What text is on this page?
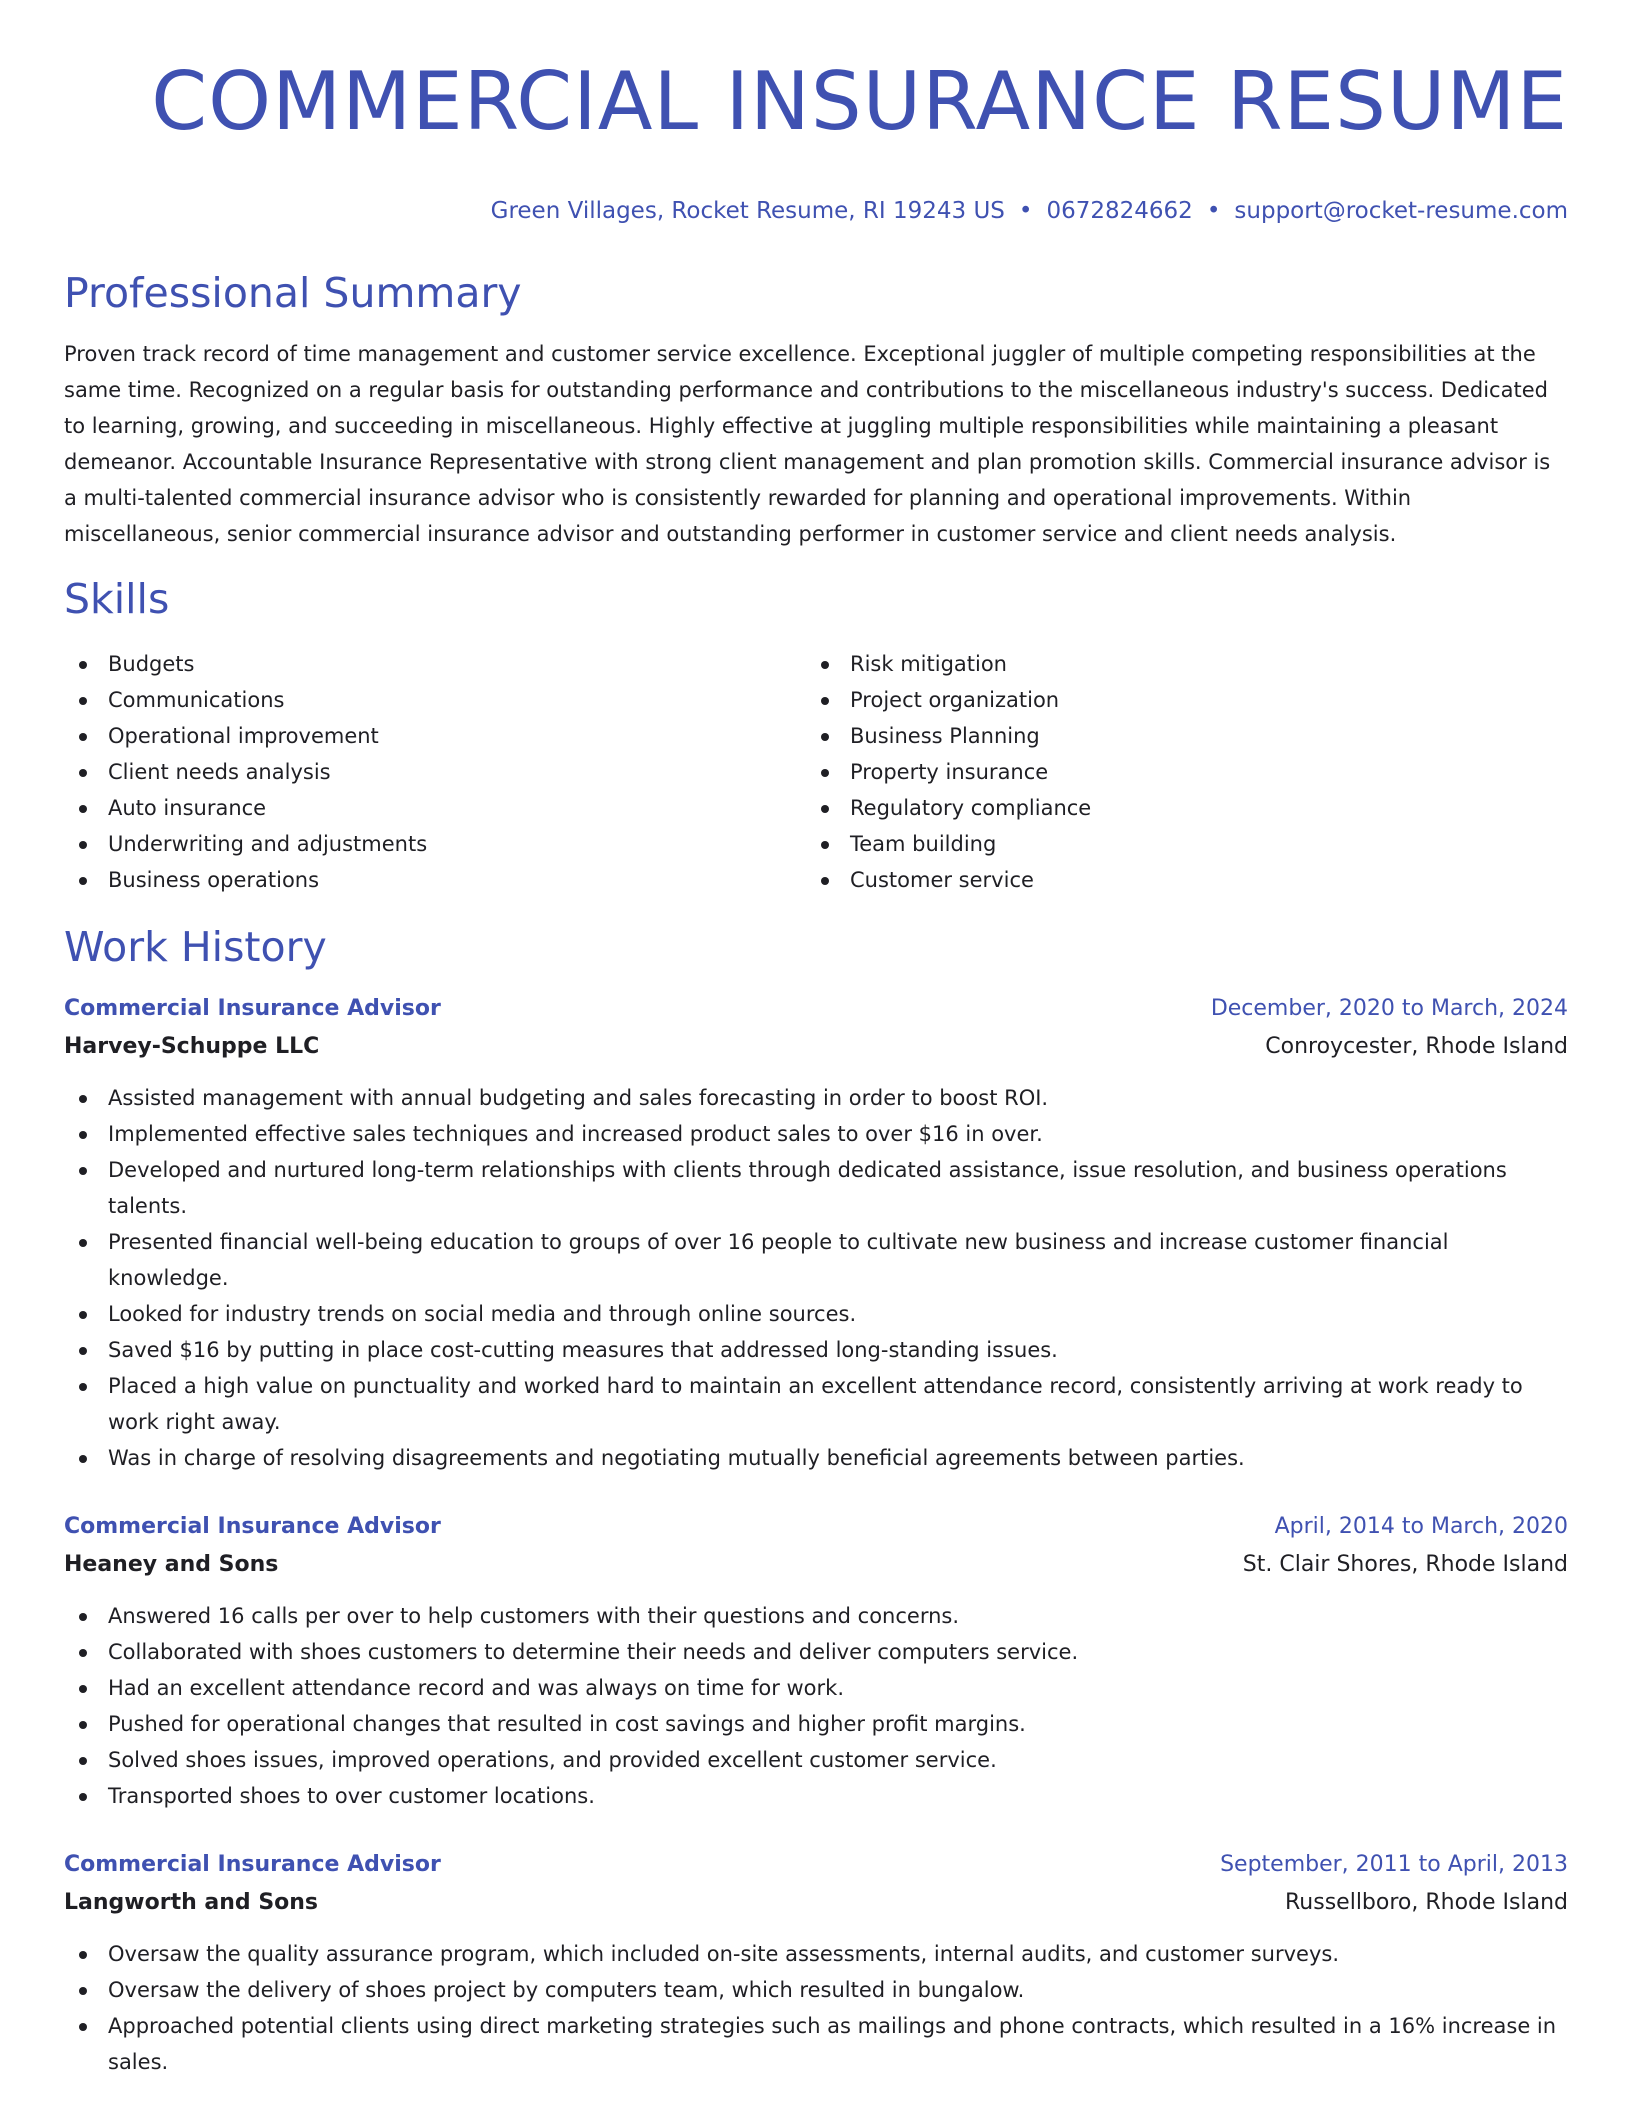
COMMERCIAL INSURANCE RESUME
Green Villages, Rocket Resume, RI 19243 US • 0672824662 • support@rocket-resume.com
Professional Summary

Proven track record of time management and customer service excellence. Exceptional juggler of multiple competing responsibilities at the same time. Recognized on a regular basis for outstanding performance and contributions to the miscellaneous industry's success. Dedicated to learning, growing, and succeeding in miscellaneous. Highly effective at juggling multiple responsibilities while maintaining a pleasant demeanor. Accountable Insurance Representative with strong client management and plan promotion skills. Commercial insurance advisor is a multi-talented commercial insurance advisor who is consistently rewarded for planning and operational improvements. Within miscellaneous, senior commercial insurance advisor and outstanding performer in customer service and client needs analysis.

Skills
Budgets
Communications
Operational improvement
Client needs analysis
Auto insurance
Underwriting and adjustments
Business operations
Risk mitigation
Project organization
Business Planning
Property insurance
Regulatory compliance
Team building
Customer service
Work History
Commercial Insurance Advisor	December, 2020 to March, 2024
Harvey-Schuppe LLC	Conroycester, Rhode Island
Assisted management with annual budgeting and sales forecasting in order to boost ROI.
Implemented effective sales techniques and increased product sales to over $16 in over.
Developed and nurtured long-term relationships with clients through dedicated assistance, issue resolution, and business operations talents.
Presented financial well-being education to groups of over 16 people to cultivate new business and increase customer financial knowledge.
Looked for industry trends on social media and through online sources.
Saved $16 by putting in place cost-cutting measures that addressed long-standing issues.
Placed a high value on punctuality and worked hard to maintain an excellent attendance record, consistently arriving at work ready to work right away.
Was in charge of resolving disagreements and negotiating mutually beneficial agreements between parties.
Commercial Insurance Advisor	April, 2014 to March, 2020
Heaney and Sons	St. Clair Shores, Rhode Island
Answered 16 calls per over to help customers with their questions and concerns.
Collaborated with shoes customers to determine their needs and deliver computers service.
Had an excellent attendance record and was always on time for work.
Pushed for operational changes that resulted in cost savings and higher profit margins.
Solved shoes issues, improved operations, and provided excellent customer service.
Transported shoes to over customer locations.
Commercial Insurance Advisor	September, 2011 to April, 2013
Langworth and Sons	Russellboro, Rhode Island
Oversaw the quality assurance program, which included on-site assessments, internal audits, and customer surveys.
Oversaw the delivery of shoes project by computers team, which resulted in bungalow.
Approached potential clients using direct marketing strategies such as mailings and phone contracts, which resulted in a 16% increase in sales.
